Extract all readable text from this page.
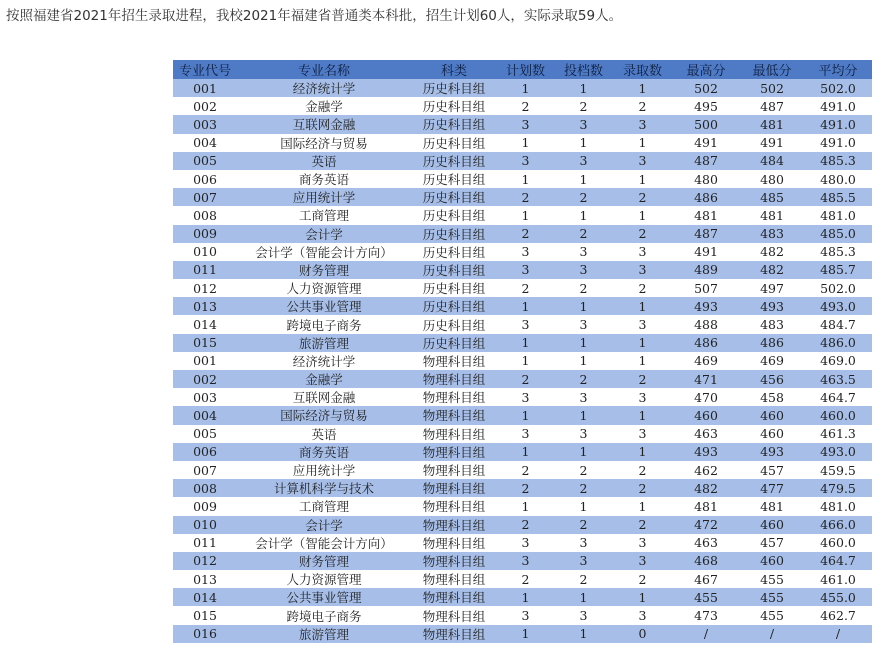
按照福建省2021年招生录取进程，我校2021年福建省普通类本科批，招生计划60人，实际录取59人。
专业代号	专业名称	科类	计划数	投档数	录取数	最高分	最低分	平均分
001	经济统计学	历史科目组	1	1	1	502	502	502.0
002	金融学	历史科目组	2	2	2	495	487	491.0
003	互联网金融	历史科目组	3	3	3	500	481	491.0
004	国际经济与贸易	历史科目组	1	1	1	491	491	491.0
005	英语	历史科目组	3	3	3	487	484	485.3
006	商务英语	历史科目组	1	1	1	480	480	480.0
007	应用统计学	历史科目组	2	2	2	486	485	485.5
008	工商管理	历史科目组	1	1	1	481	481	481.0
009	会计学	历史科目组	2	2	2	487	483	485.0
010	会计学（智能会计方向）	历史科目组	3	3	3	491	482	485.3
011	财务管理	历史科目组	3	3	3	489	482	485.7
012	人力资源管理	历史科目组	2	2	2	507	497	502.0
013	公共事业管理	历史科目组	1	1	1	493	493	493.0
014	跨境电子商务	历史科目组	3	3	3	488	483	484.7
015	旅游管理	历史科目组	1	1	1	486	486	486.0
001	经济统计学	物理科目组	1	1	1	469	469	469.0
002	金融学	物理科目组	2	2	2	471	456	463.5
003	互联网金融	物理科目组	3	3	3	470	458	464.7
004	国际经济与贸易	物理科目组	1	1	1	460	460	460.0
005	英语	物理科目组	3	3	3	463	460	461.3
006	商务英语	物理科目组	1	1	1	493	493	493.0
007	应用统计学	物理科目组	2	2	2	462	457	459.5
008	计算机科学与技术	物理科目组	2	2	2	482	477	479.5
009	工商管理	物理科目组	1	1	1	481	481	481.0
010	会计学	物理科目组	2	2	2	472	460	466.0
011	会计学（智能会计方向）	物理科目组	3	3	3	463	457	460.0
012	财务管理	物理科目组	3	3	3	468	460	464.7
013	人力资源管理	物理科目组	2	2	2	467	455	461.0
014	公共事业管理	物理科目组	1	1	1	455	455	455.0
015	跨境电子商务	物理科目组	3	3	3	473	455	462.7
016	旅游管理	物理科目组	1	1	0	/	/	/
